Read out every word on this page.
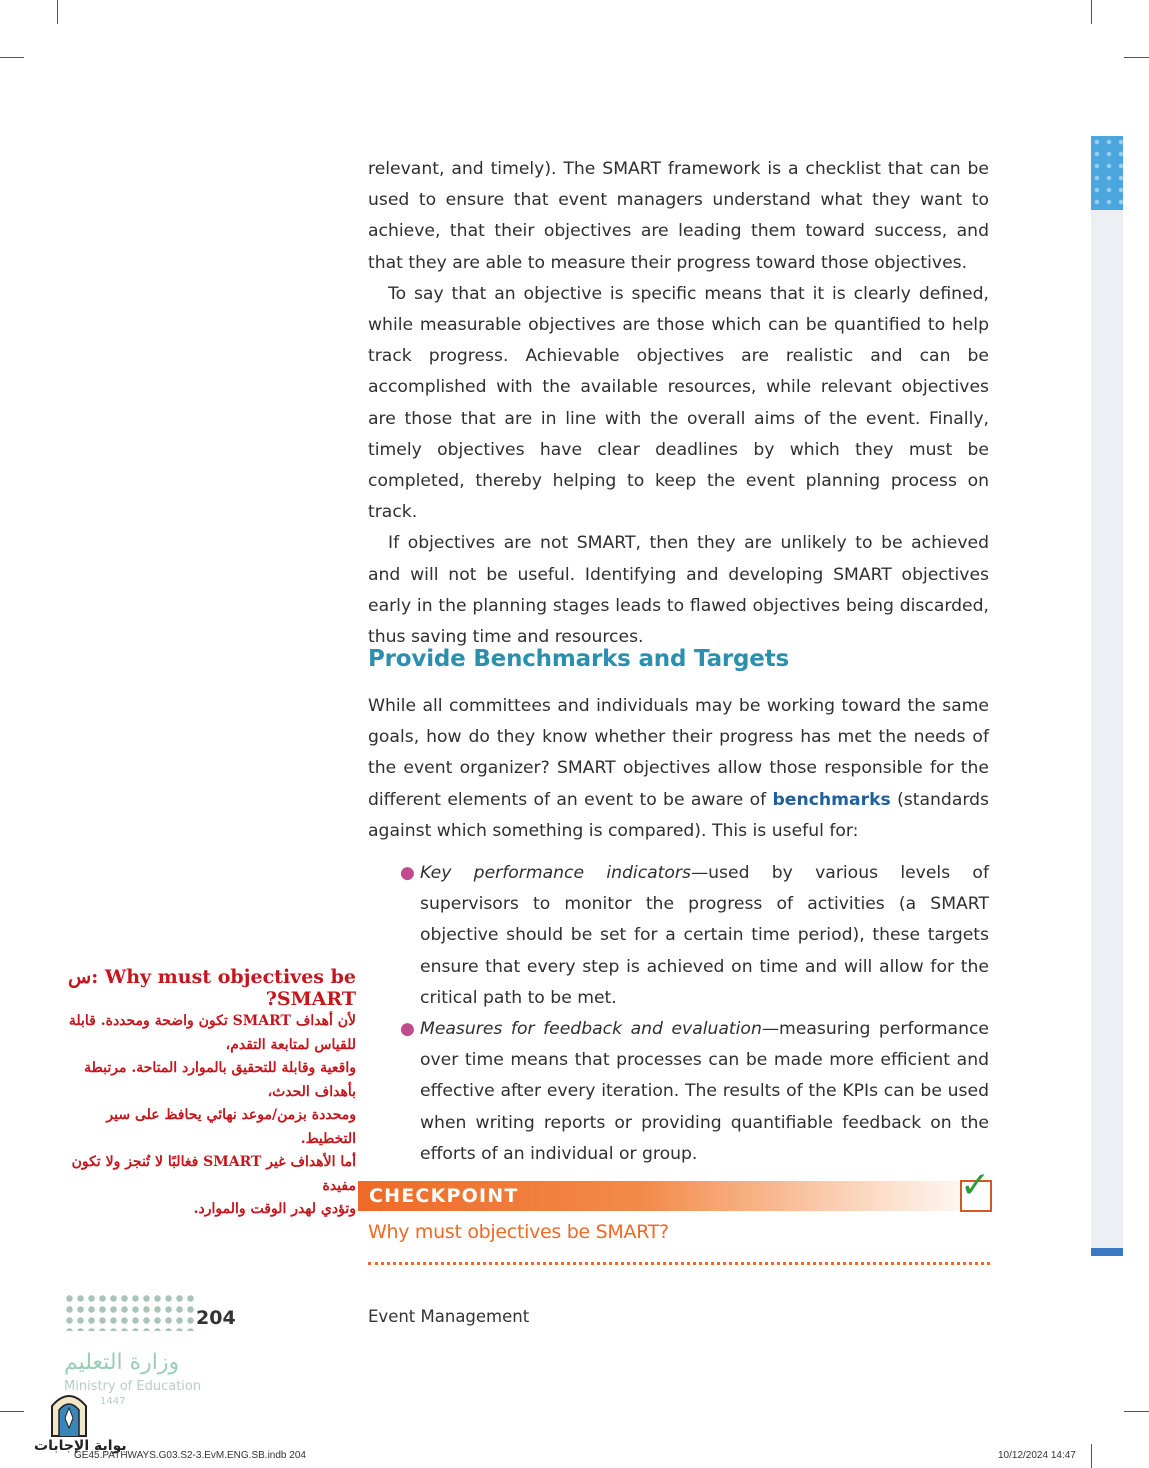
relevant, and timely). The SMART framework is a checklist that can be used to ensure that event managers understand what they want to achieve, that their objectives are leading them toward success, and that they are able to measure their progress toward those objectives.

To say that an objective is specific means that it is clearly defined, while measurable objectives are those which can be quantified to help track progress. Achievable objectives are realistic and can be accomplished with the available resources, while relevant objectives are those that are in line with the overall aims of the event. Finally, timely objectives have clear deadlines by which they must be completed, thereby helping to keep the event planning process on track.

If objectives are not SMART, then they are unlikely to be achieved and will not be useful. Identifying and developing SMART objectives early in the planning stages leads to flawed objectives being discarded, thus saving time and resources.

Provide Benchmarks and Targets

While all committees and individuals may be working toward the same goals, how do they know whether their progress has met the needs of the event organizer? SMART objectives allow those responsible for the different elements of an event to be aware of benchmarks (standards against which something is compared). This is useful for:

● Key performance indicators—used by various levels of supervisors to monitor the progress of activities (a SMART objective should be set for a certain time period), these targets ensure that every step is achieved on time and will allow for the critical path to be met.
● Measures for feedback and evaluation—measuring performance over time means that processes can be made more efficient and effective after every iteration. The results of the KPIs can be used when writing reports or providing quantifiable feedback on the efforts of an individual or group.
CHECKPOINT	✓
Why must objectives be SMART?
س: Why must objectives be ?SMART
لأن أهداف SMART تكون واضحة ومحددة. قابلة للقياس لمتابعة التقدم،
واقعية وقابلة للتحقيق بالموارد المتاحة. مرتبطة بأهداف الحدث،
ومحددة بزمن/موعد نهائي يحافظ على سير التخطيط.
أما الأهداف غير SMART فغالبًا لا تُنجز ولا تكون مفيدة
وتؤدي لهدر الوقت والموارد.
204	Event Management
وزارة التعليم
Ministry of Education
1447
بوابة الإجابات
GE45.PATHWAYS.G03.S2-3.EvM.ENG.SB.indb 204	10/12/2024 14:47
